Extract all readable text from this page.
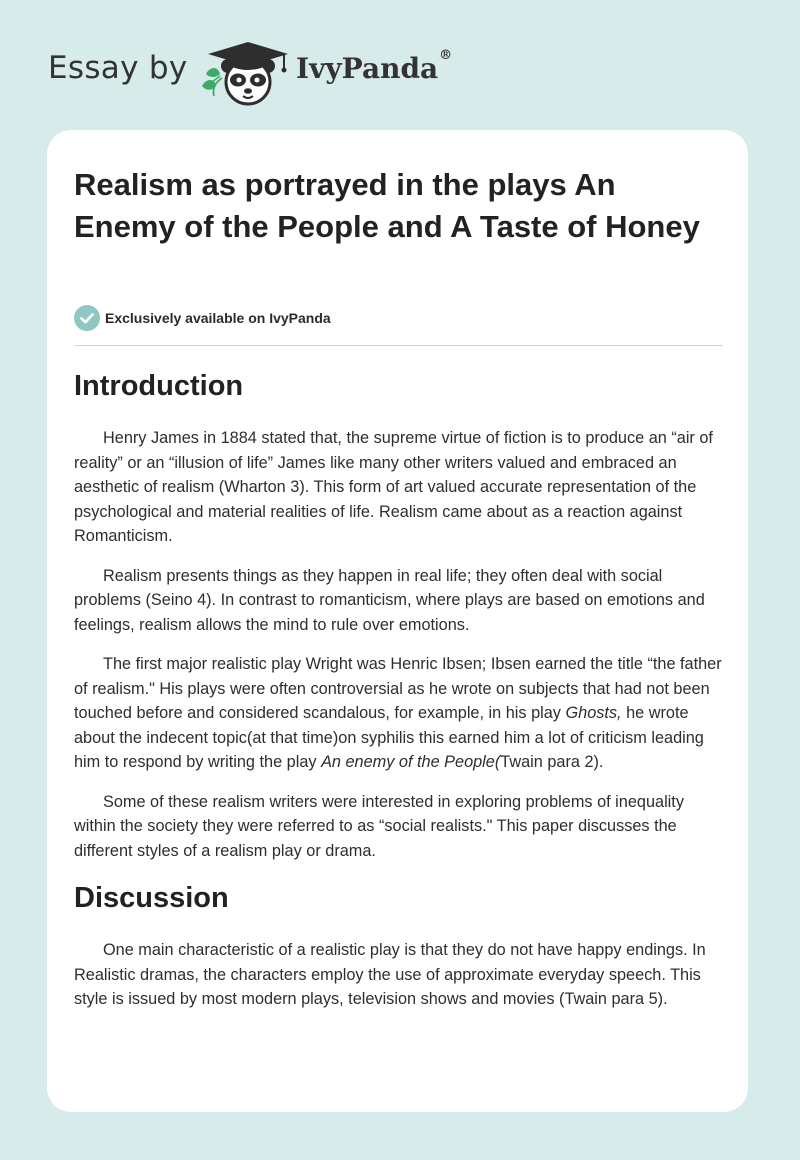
Essay by	IvyPanda®
Realism as portrayed in the plays An Enemy of the People and A Taste of Honey
Exclusively available on IvyPanda
Introduction

Henry James in 1884 stated that, the supreme virtue of fiction is to produce an “air of reality” or an “illusion of life” James like many other writers valued and embraced an aesthetic of realism (Wharton 3). This form of art valued accurate representation of the psychological and material realities of life. Realism came about as a reaction against Romanticism.

Realism presents things as they happen in real life; they often deal with social problems (Seino 4). In contrast to romanticism, where plays are based on emotions and feelings, realism allows the mind to rule over emotions.

The first major realistic play Wright was Henric Ibsen; Ibsen earned the title “the father of realism." His plays were often controversial as he wrote on subjects that had not been touched before and considered scandalous, for example, in his play Ghosts, he wrote about the indecent topic(at that time)on syphilis this earned him a lot of criticism leading him to respond by writing the play An enemy of the People(Twain para 2).

Some of these realism writers were interested in exploring problems of inequality within the society they were referred to as “social realists." This paper discusses the different styles of a realism play or drama.

Discussion

One main characteristic of a realistic play is that they do not have happy endings. In Realistic dramas, the characters employ the use of approximate everyday speech. This style is issued by most modern plays, television shows and movies (Twain para 5).
